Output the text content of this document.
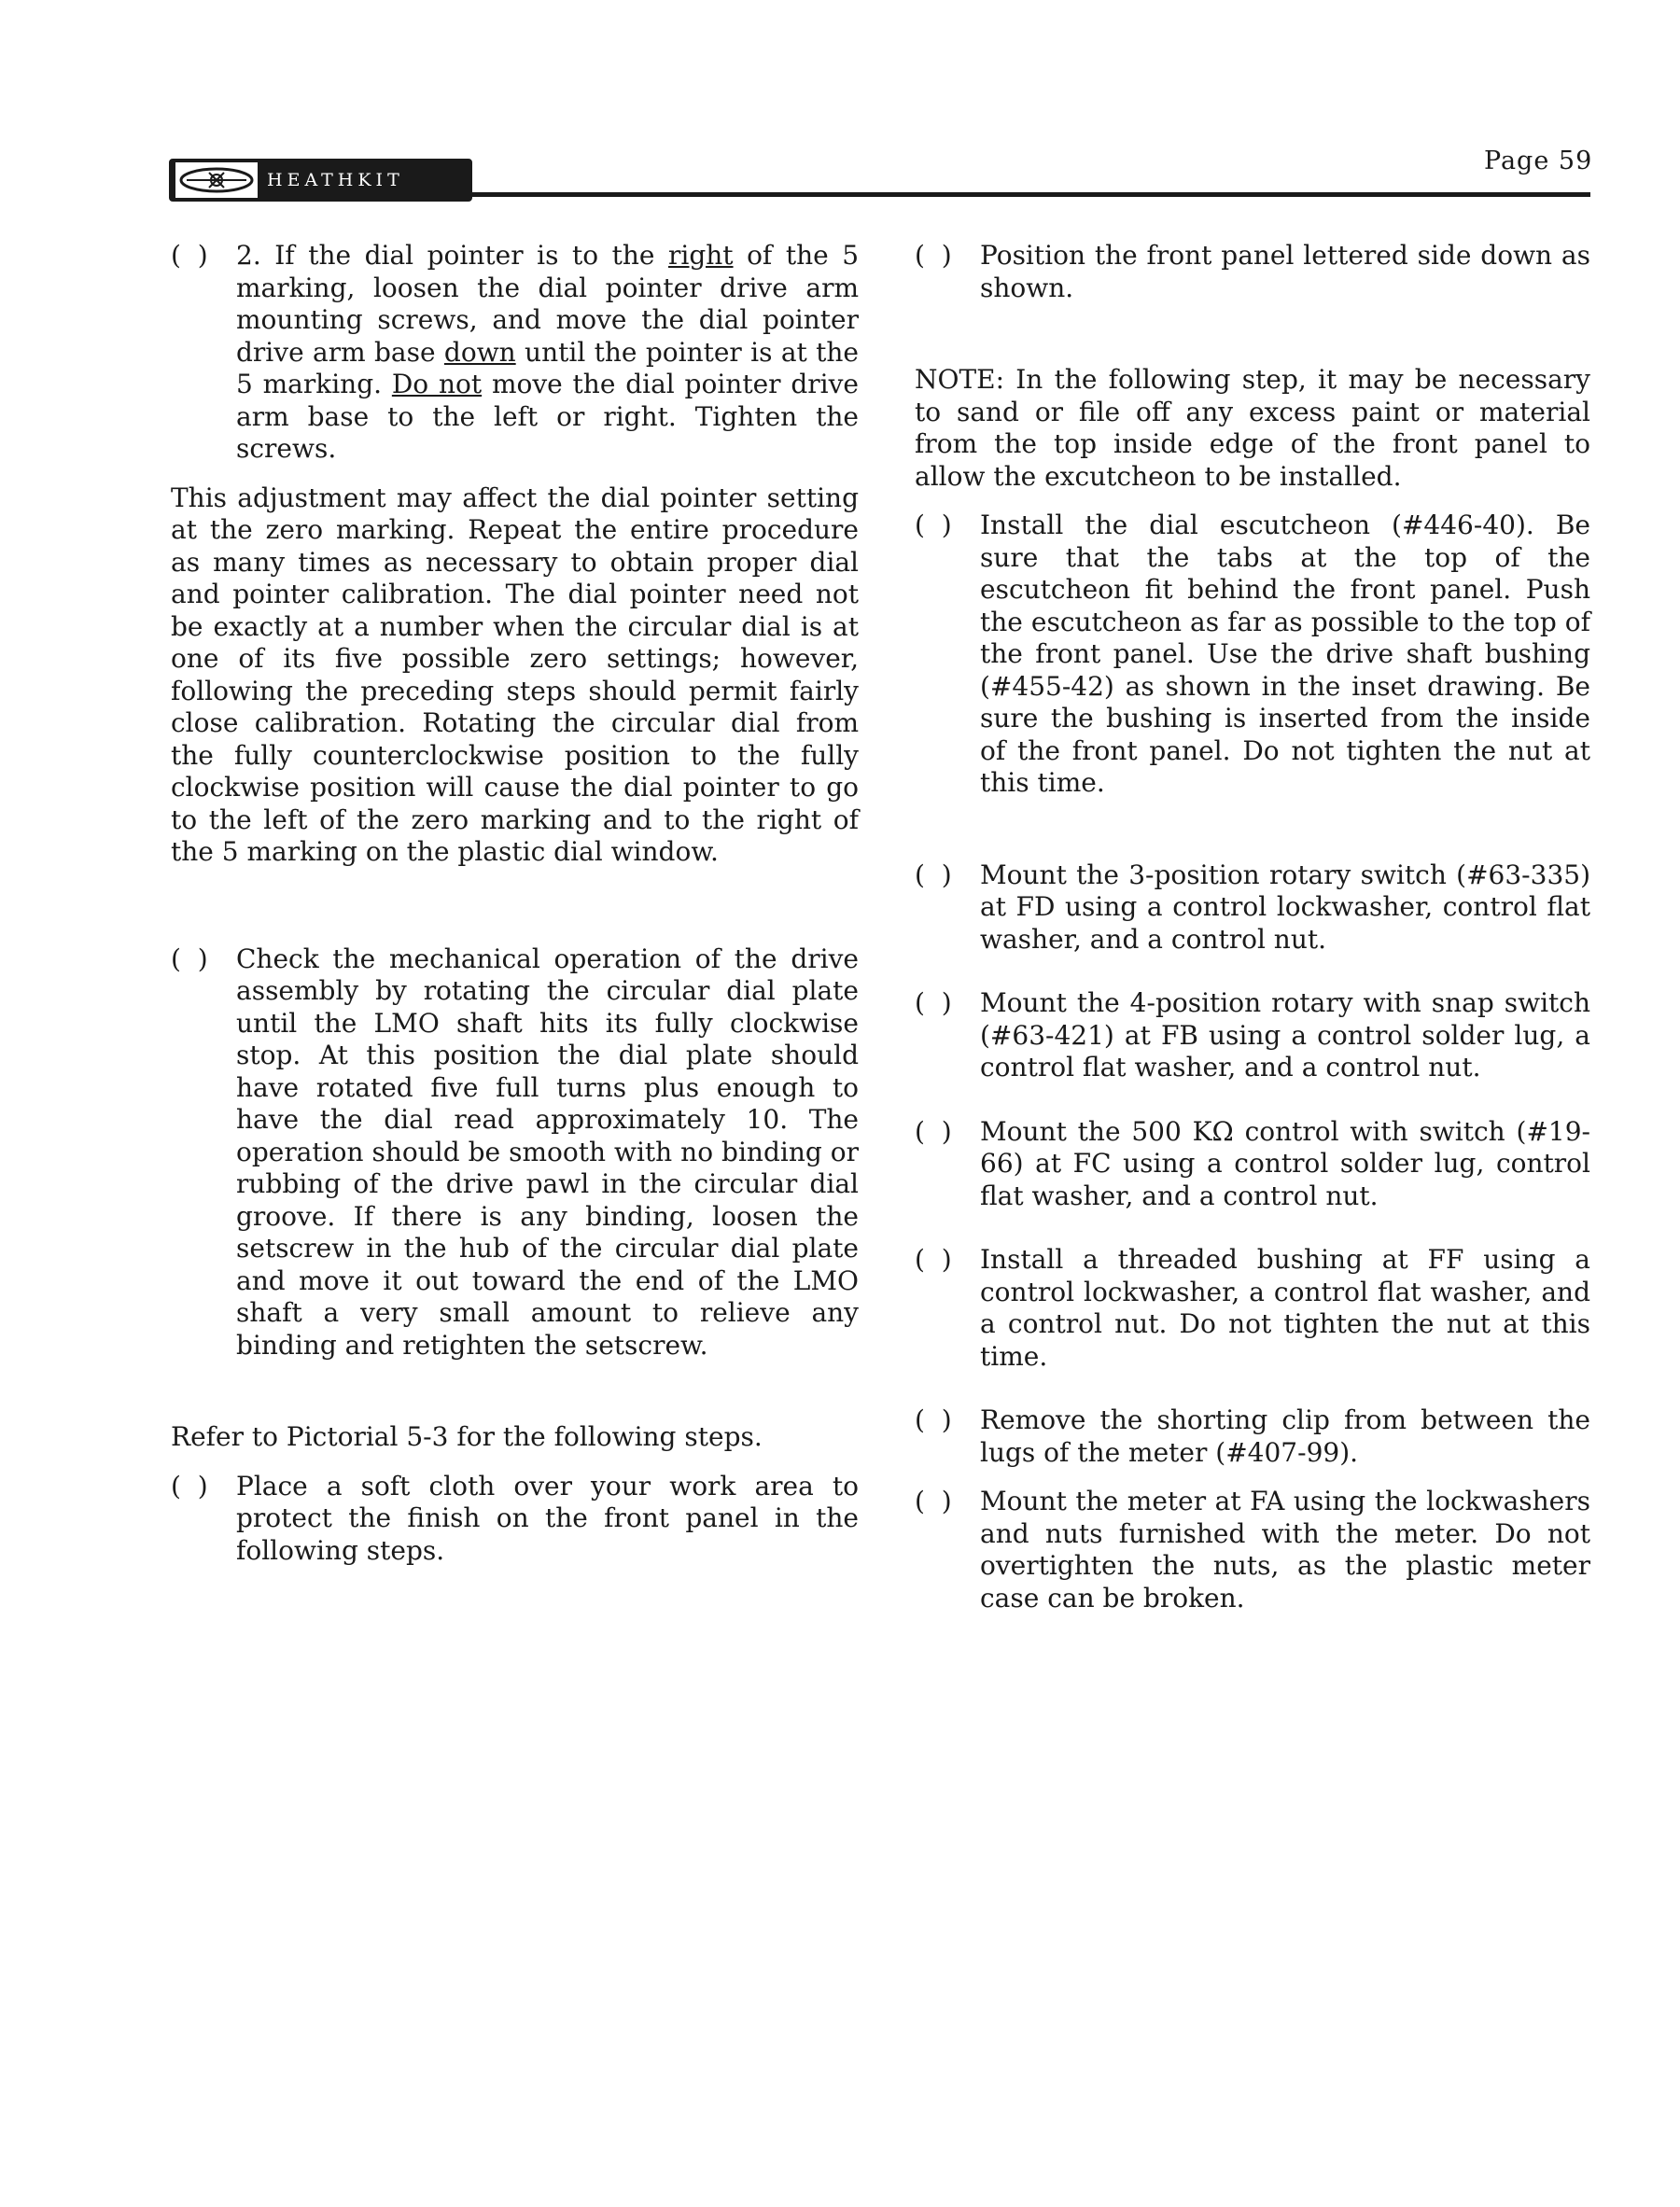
HEATHKIT
Page 59
(  ) 2. If the dial pointer is to the right of the 5 marking, loosen the dial pointer drive arm mounting screws, and move the dial pointer drive arm base down until the pointer is at the 5 marking. Do not move the dial pointer drive arm base to the left or right. Tighten the screws.
This adjustment may affect the dial pointer setting at the zero marking. Repeat the entire procedure as many times as necessary to obtain proper dial and pointer calibration. The dial pointer need not be exactly at a number when the circular dial is at one of its five possible zero settings; however, following the preceding steps should permit fairly close calibration. Rotating the circular dial from the fully counterclockwise position to the fully clockwise position will cause the dial pointer to go to the left of the zero marking and to the right of the 5 marking on the plastic dial window.
(  ) Check the mechanical operation of the drive assembly by rotating the circular dial plate until the LMO shaft hits its fully clockwise stop. At this position the dial plate should have rotated five full turns plus enough to have the dial read approximately 10. The operation should be smooth with no binding or rubbing of the drive pawl in the circular dial groove. If there is any binding, loosen the setscrew in the hub of the circular dial plate and move it out toward the end of the LMO shaft a very small amount to relieve any binding and retighten the setscrew.
Refer to Pictorial 5-3 for the following steps.
(  ) Place a soft cloth over your work area to protect the finish on the front panel in the following steps.
(  ) Position the front panel lettered side down as shown.
NOTE: In the following step, it may be necessary to sand or file off any excess paint or material from the top inside edge of the front panel to allow the excutcheon to be installed.
(  ) Install the dial escutcheon (#446-40). Be sure that the tabs at the top of the escutcheon fit behind the front panel. Push the escutcheon as far as possible to the top of the front panel. Use the drive shaft bushing (#455-42) as shown in the inset drawing. Be sure the bushing is inserted from the inside of the front panel. Do not tighten the nut at this time.
(  ) Mount the 3-position rotary switch (#63-335) at FD using a control lockwasher, control flat washer, and a control nut.
(  ) Mount the 4-position rotary with snap switch (#63-421) at FB using a control solder lug, a control flat washer, and a control nut.
(  ) Mount the 500 KΩ control with switch (#19-66) at FC using a control solder lug, control flat washer, and a control nut.
(  ) Install a threaded bushing at FF using a control lockwasher, a control flat washer, and a control nut. Do not tighten the nut at this time.
(  ) Remove the shorting clip from between the lugs of the meter (#407-99).
(  ) Mount the meter at FA using the lockwashers and nuts furnished with the meter. Do not overtighten the nuts, as the plastic meter case can be broken.
